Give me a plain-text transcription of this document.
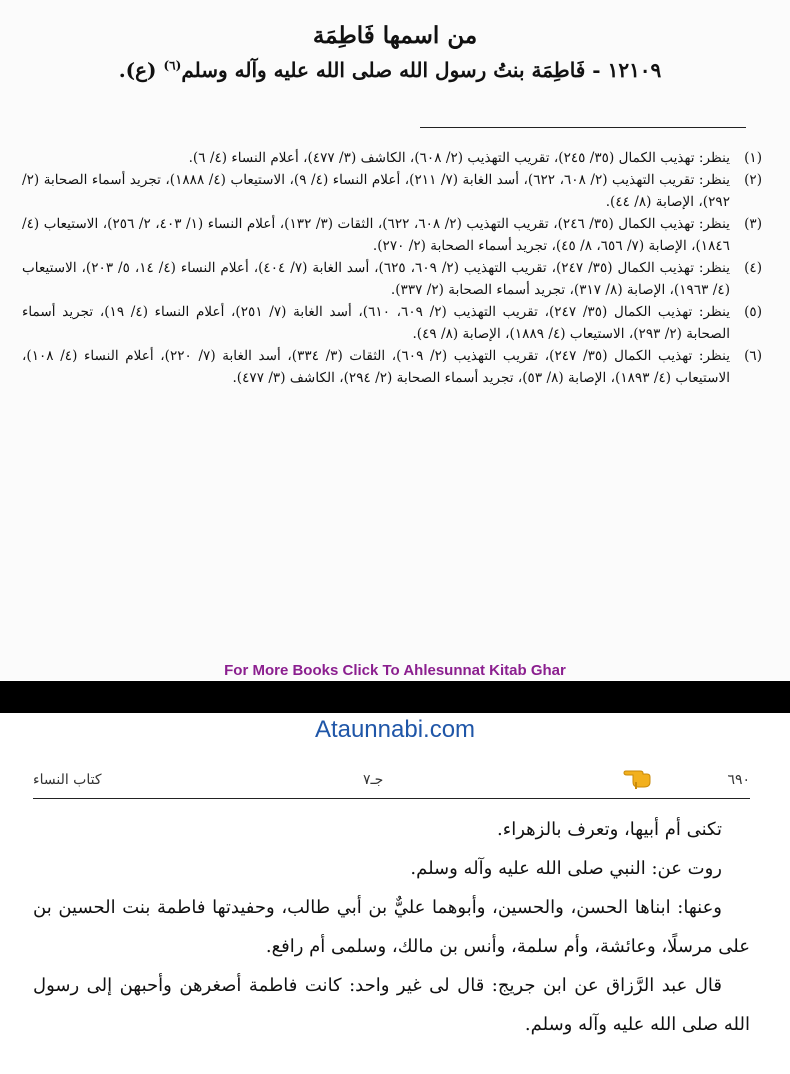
من اسمها فَاطِمَة
١٢١٠٩ - فَاطِمَة بنتُ رسول الله صلى الله عليه وآله وسلم$^{(٦)}$ (ع).
(١)
ينظر: تهذيب الكمال (٣٥/ ٢٤٥)، تقريب التهذيب (٢/ ٦٠٨)، الكاشف (٣/ ٤٧٧)، أعلام النساء (٤/ ٦).
(٢)
ينظر: تقريب التهذيب (٢/ ٦٠٨، ٦٢٢)، أسد الغابة (٧/ ٢١١)، أعلام النساء (٤/ ٩)، الاستيعاب (٤/ ١٨٨٨)، تجريد أسماء الصحابة (٢/ ٢٩٢)، الإصابة (٨/ ٤٤).
(٣)
ينظر: تهذيب الكمال (٣٥/ ٢٤٦)، تقريب التهذيب (٢/ ٦٠٨، ٦٢٢)، الثقات (٣/ ١٣٢)، أعلام النساء (١/ ٤٠٣، ٢/ ٢٥٦)، الاستيعاب (٤/ ١٨٤٦)، الإصابة (٧/ ٦٥٦، ٨/ ٤٥)، تجريد أسماء الصحابة (٢/ ٢٧٠).
(٤)
ينظر: تهذيب الكمال (٣٥/ ٢٤٧)، تقريب التهذيب (٢/ ٦٠٩، ٦٢٥)، أسد الغابة (٧/ ٤٠٤)، أعلام النساء (٤/ ١٤، ٥/ ٢٠٣)، الاستيعاب (٤/ ١٩٦٣)، الإصابة (٨/ ٣١٧)، تجريد أسماء الصحابة (٢/ ٣٣٧).
(٥)
ينظر: تهذيب الكمال (٣٥/ ٢٤٧)، تقريب التهذيب (٢/ ٦٠٩، ٦١٠)، أسد الغابة (٧/ ٢٥١)، أعلام النساء (٤/ ١٩)، تجريد أسماء الصحابة (٢/ ٢٩٣)، الاستيعاب (٤/ ١٨٨٩)، الإصابة (٨/ ٤٩).
(٦)
ينظر: تهذيب الكمال (٣٥/ ٢٤٧)، تقريب التهذيب (٢/ ٦٠٩)، الثقات (٣/ ٣٣٤)، أسد الغابة (٧/ ٢٢٠)، أعلام النساء (٤/ ١٠٨)، الاستيعاب (٤/ ١٨٩٣)، الإصابة (٨/ ٥٣)، تجريد أسماء الصحابة (٢/ ٢٩٤)، الكاشف (٣/ ٤٧٧).
For More Books Click To Ahlesunnat Kitab Ghar
Ataunnabi.com
٦٩٠
جـ٧
كتاب النساء

تكنى أم أبيها، وتعرف بالزهراء.

روت عن: النبي صلى الله عليه وآله وسلم.

وعنها: ابناها الحسن، والحسين، وأبوهما عليٌّ بن أبي طالب، وحفيدتها فاطمة بنت الحسين بن على مرسلًا، وعائشة، وأم سلمة، وأنس بن مالك، وسلمى أم رافع.

قال عبد الرَّزاق عن ابن جريج: قال لى غير واحد: كانت فاطمة أصغرهن وأحبهن إلى رسول الله صلى الله عليه وآله وسلم.
